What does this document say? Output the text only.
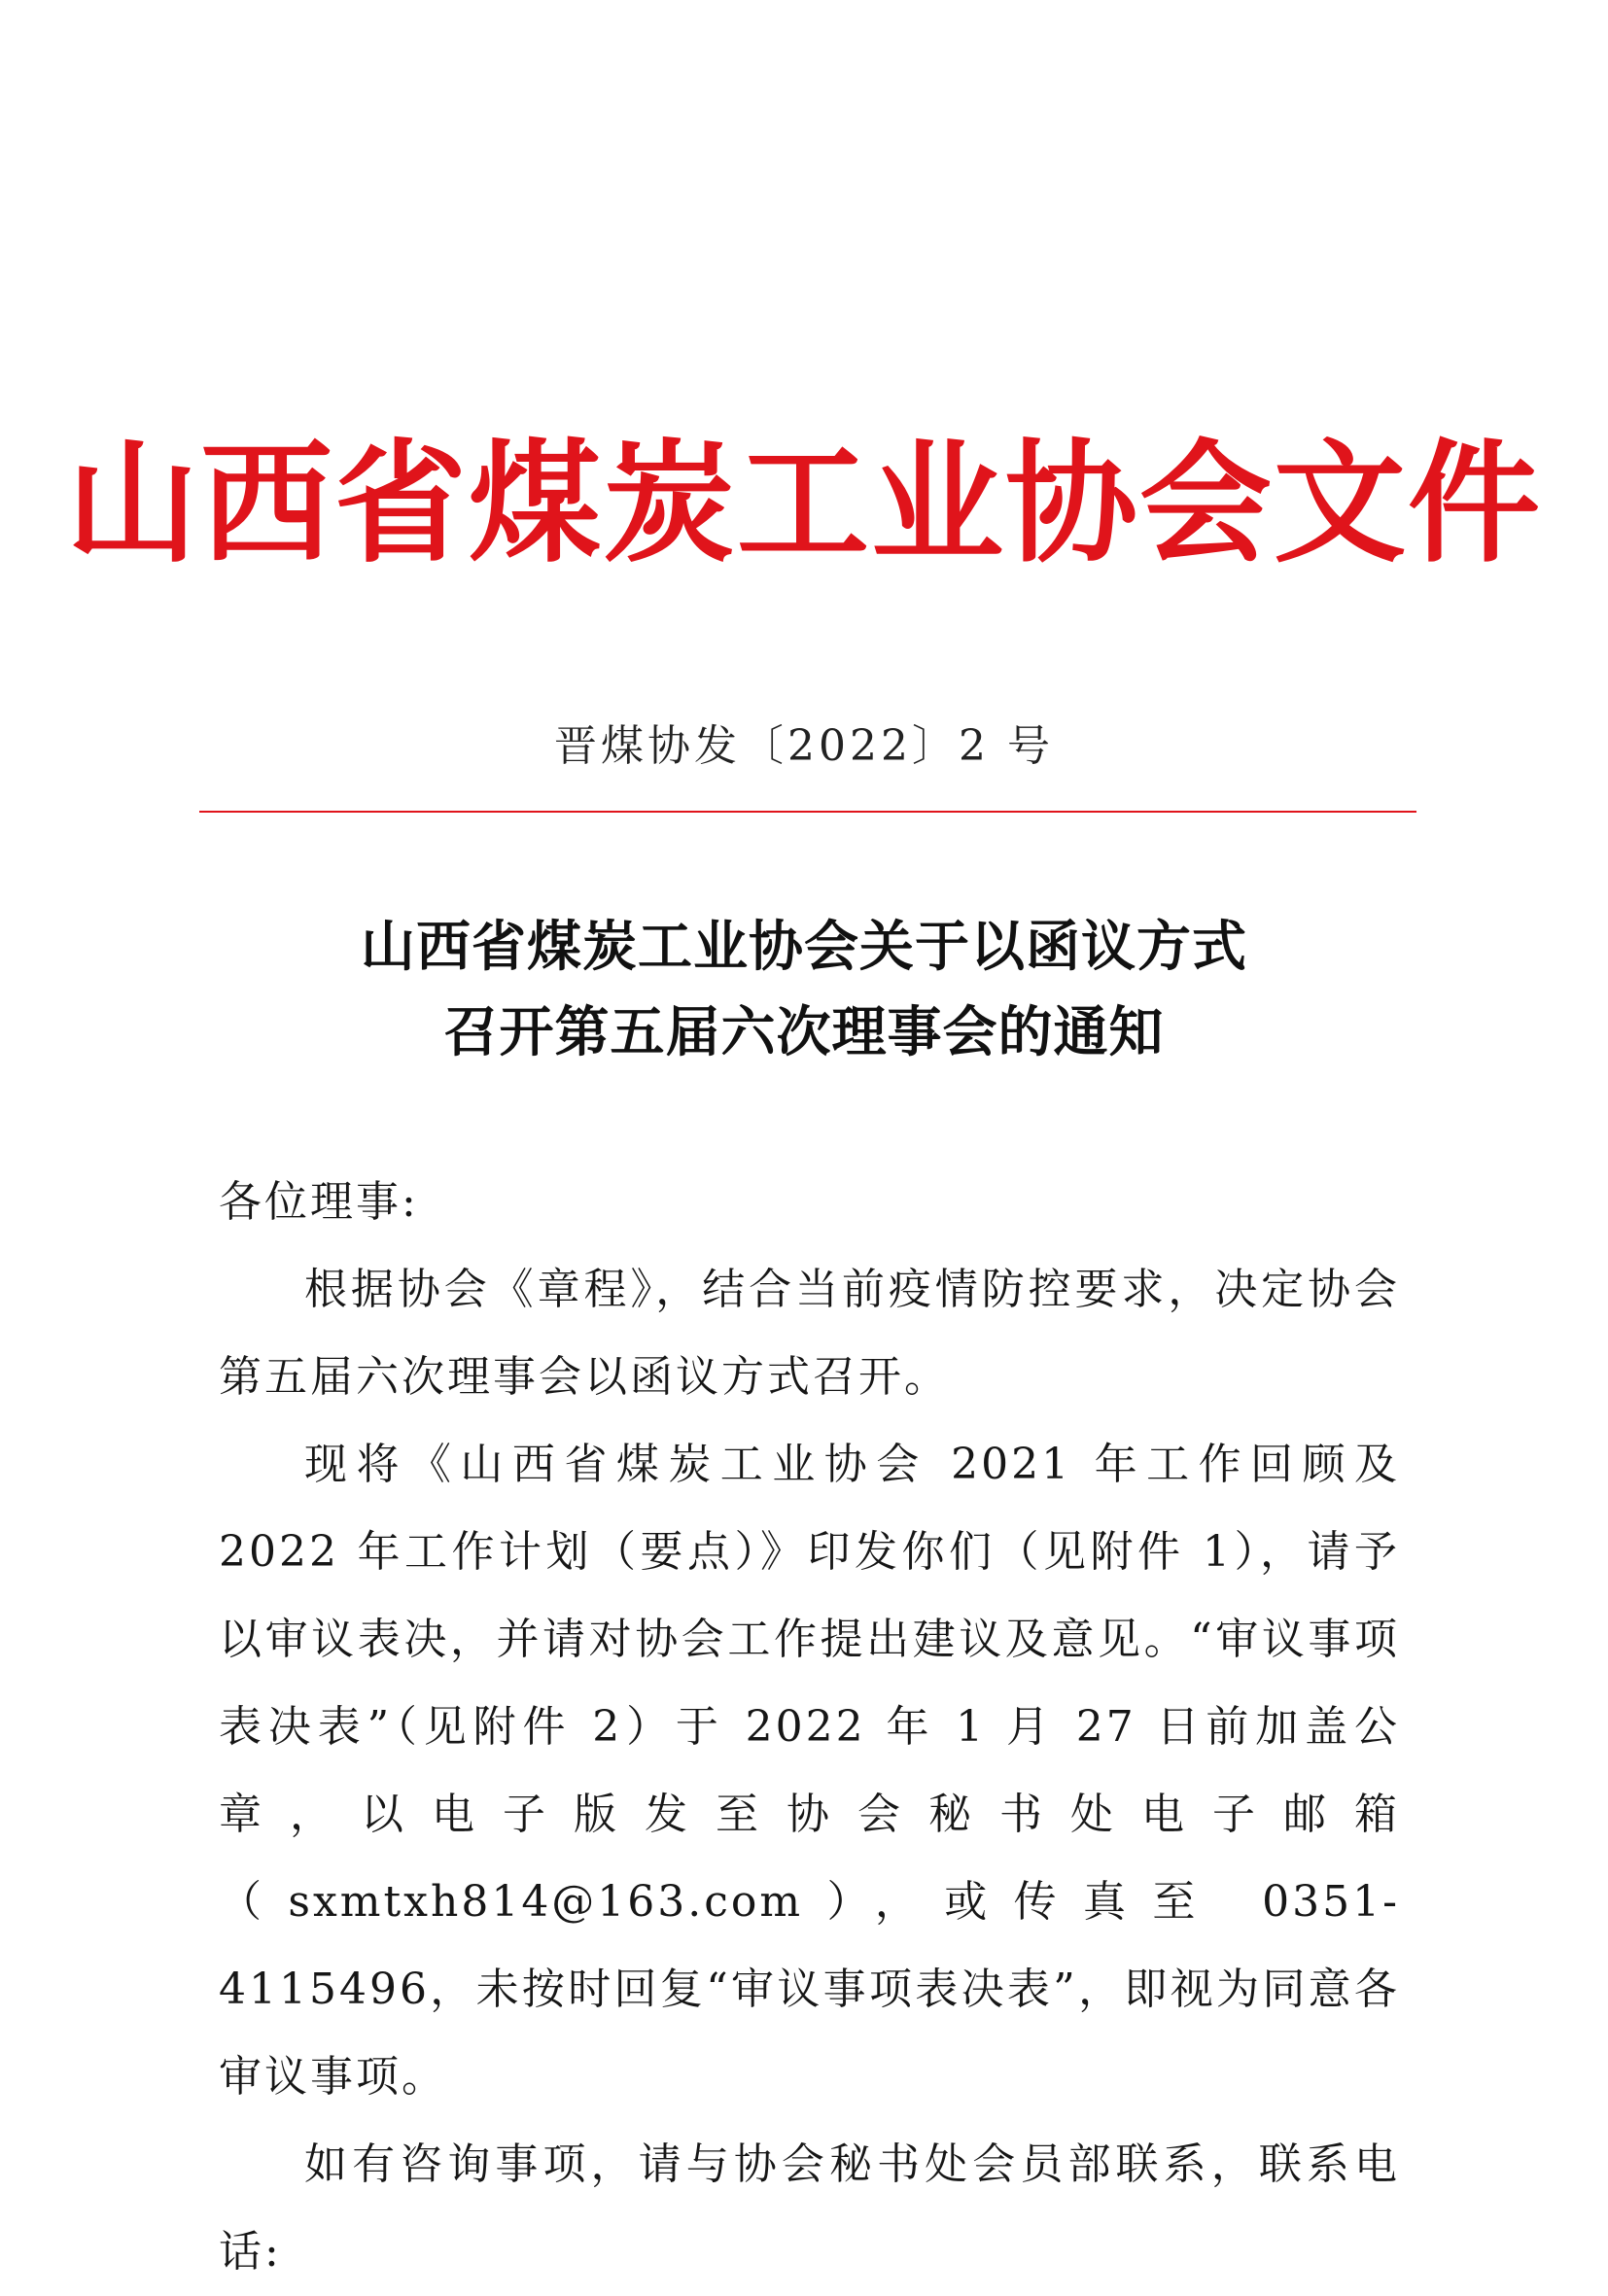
山西省煤炭工业协会文件
晋煤协发〔2022〕2 号
山西省煤炭工业协会关于以函议方式
召开第五届六次理事会的通知

各位理事:

根据协会《章程》，结合当前疫情防控要求，决定协会第五届六次理事会以函议方式召开。

现将《山西省煤炭工业协会 2021 年工作回顾及 2022 年工作计划（要点）》印发你们（见附件 1），请予以审议表决，并请对协会工作提出建议及意见。“审议事项表决表”（见附件 2）于 2022 年 1 月 27 日前加盖公章，以电子版发至协会秘书处电子邮箱（sxmtxh814@163.com），或传真至 0351-4115496，未按时回复“审议事项表决表”，即视为同意各审议事项。

如有咨询事项，请与协会秘书处会员部联系，联系电话:
